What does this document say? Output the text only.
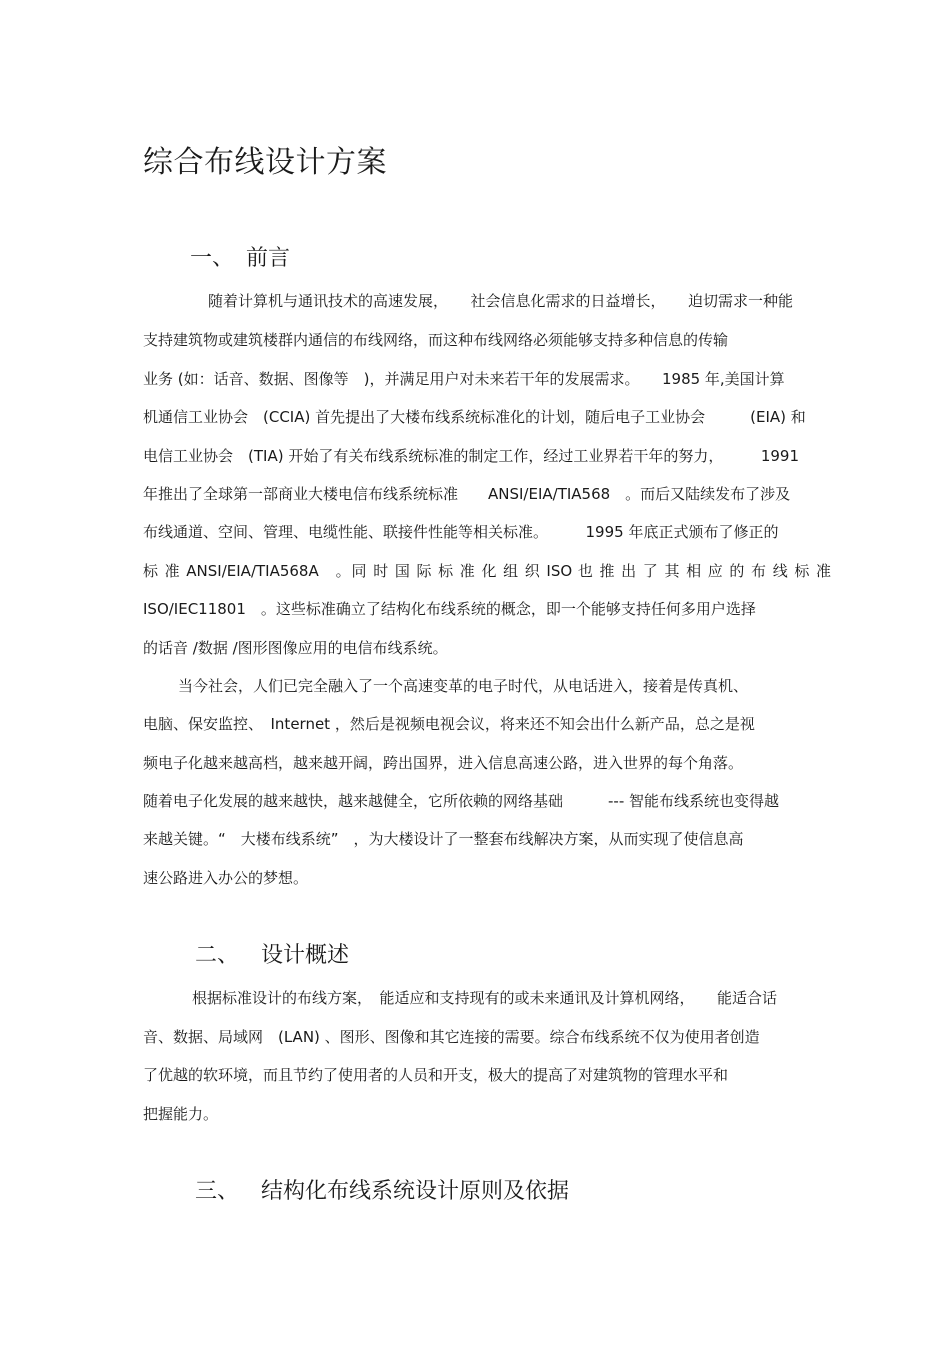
综合布线设计方案
一、 前言

随着计算机与通讯技术的高速发展，　　社会信息化需求的日益增长，　　迫切需求一种能

支持建筑物或建筑楼群内通信的布线网络，而这种布线网络必须能够支持多种信息的传输

业务 (如：话音、数据、图像等　)，并满足用户对未来若干年的发展需求。　　1985 年,美国计算

机通信工业协会　(CCIA) 首先提出了大楼布线系统标准化的计划，随后电子工业协会　　　(EIA) 和

电信工业协会　(TIA) 开始了有关布线系统标准的制定工作，经过工业界若干年的努力，　　　1991

年推出了全球第一部商业大楼电信布线系统标准　　ANSI/EIA/TIA568　。而后又陆续发布了涉及

布线通道、空间、管理、电缆性能、联接件性能等相关标准。　　　1995 年底正式颁布了修正的

标 准 ANSI/EIA/TIA568A　。同 时 国 际 标 准 化 组 织 ISO 也 推 出 了 其 相 应 的 布 线 标 准

ISO/IEC11801　。这些标准确立了结构化布线系统的概念，即一个能够支持任何多用户选择

的话音 /数据 /图形图像应用的电信布线系统。

当今社会，人们已完全融入了一个高速变革的电子时代，从电话进入，接着是传真机、

电脑、保安监控、　Internet ，然后是视频电视会议，将来还不知会出什么新产品，总之是视

频电子化越来越高档，越来越开阔，跨出国界，进入信息高速公路，进入世界的每个角落。

随着电子化发展的越来越快，越来越健全，它所依赖的网络基础　　　--- 智能布线系统也变得越

来越关键。“　大楼布线系统”　，为大楼设计了一整套布线解决方案，从而实现了使信息高

速公路进入办公的梦想。

二、 设计概述

根据标准设计的布线方案，　能适应和支持现有的或未来通讯及计算机网络，　　能适合话

音、数据、局域网　(LAN) 、图形、图像和其它连接的需要。综合布线系统不仅为使用者创造

了优越的软环境，而且节约了使用者的人员和开支，极大的提高了对建筑物的管理水平和

把握能力。

三、 结构化布线系统设计原则及依据
